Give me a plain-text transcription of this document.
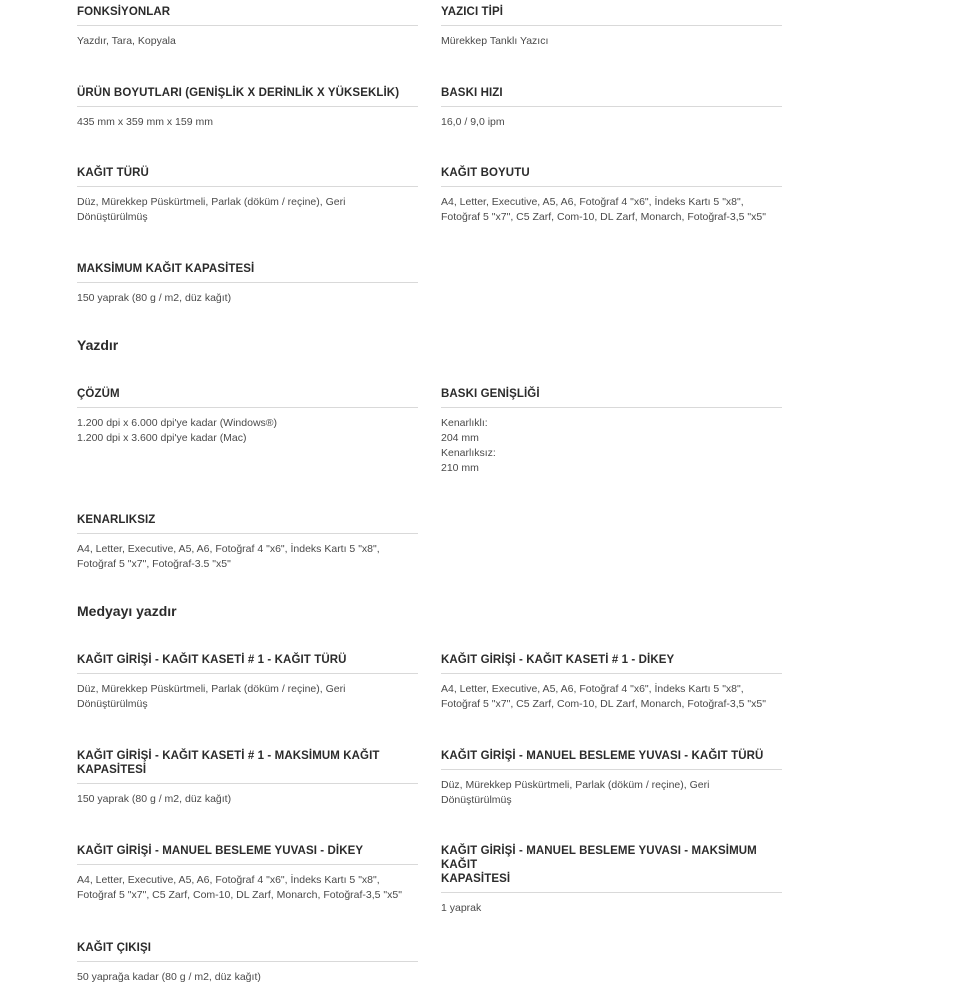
FONKSİYONLAR
Yazdır, Tara, Kopyala
YAZICI TİPİ
Mürekkep Tanklı Yazıcı
ÜRÜN BOYUTLARI (GENİŞLİK X DERİNLİK X YÜKSEKLİK)
435 mm x 359 mm x 159 mm
BASKI HIZI
16,0 / 9,0 ipm
KAĞIT TÜRÜ
Düz, Mürekkep Püskürtmeli, Parlak (döküm / reçine), Geri
Dönüştürülmüş
KAĞIT BOYUTU
A4, Letter, Executive, A5, A6, Fotoğraf 4 "x6", İndeks Kartı 5 "x8",
Fotoğraf 5 "x7", C5 Zarf, Com-10, DL Zarf, Monarch, Fotoğraf-3,5 "x5"
MAKSİMUM KAĞIT KAPASİTESİ
150 yaprak (80 g / m2, düz kağıt)
Yazdır
ÇÖZÜM
1.200 dpi x 6.000 dpi'ye kadar (Windows®)
1.200 dpi x 3.600 dpi'ye kadar (Mac)
BASKI GENİŞLİĞİ
Kenarlıklı:
204 mm
Kenarlıksız:
210 mm
KENARLIKSIZ
A4, Letter, Executive, A5, A6, Fotoğraf 4 "x6", İndeks Kartı 5 "x8",
Fotoğraf 5 "x7", Fotoğraf-3.5 "x5"
Medyayı yazdır
KAĞIT GİRİŞİ - KAĞIT KASETİ # 1 - KAĞIT TÜRÜ
Düz, Mürekkep Püskürtmeli, Parlak (döküm / reçine), Geri
Dönüştürülmüş
KAĞIT GİRİŞİ - KAĞIT KASETİ # 1 - DİKEY
A4, Letter, Executive, A5, A6, Fotoğraf 4 "x6", İndeks Kartı 5 "x8",
Fotoğraf 5 "x7", C5 Zarf, Com-10, DL Zarf, Monarch, Fotoğraf-3,5 "x5"
KAĞIT GİRİŞİ - KAĞIT KASETİ # 1 - MAKSİMUM KAĞIT KAPASİTESİ
150 yaprak (80 g / m2, düz kağıt)
KAĞIT GİRİŞİ - MANUEL BESLEME YUVASI - KAĞIT TÜRÜ
Düz, Mürekkep Püskürtmeli, Parlak (döküm / reçine), Geri
Dönüştürülmüş
KAĞIT GİRİŞİ - MANUEL BESLEME YUVASI - DİKEY
A4, Letter, Executive, A5, A6, Fotoğraf 4 "x6", İndeks Kartı 5 "x8",
Fotoğraf 5 "x7", C5 Zarf, Com-10, DL Zarf, Monarch, Fotoğraf-3,5 "x5"
KAĞIT GİRİŞİ - MANUEL BESLEME YUVASI - MAKSİMUM KAĞIT
KAPASİTESİ
1 yaprak
KAĞIT ÇIKIŞI
50 yaprağa kadar (80 g / m2, düz kağıt)
